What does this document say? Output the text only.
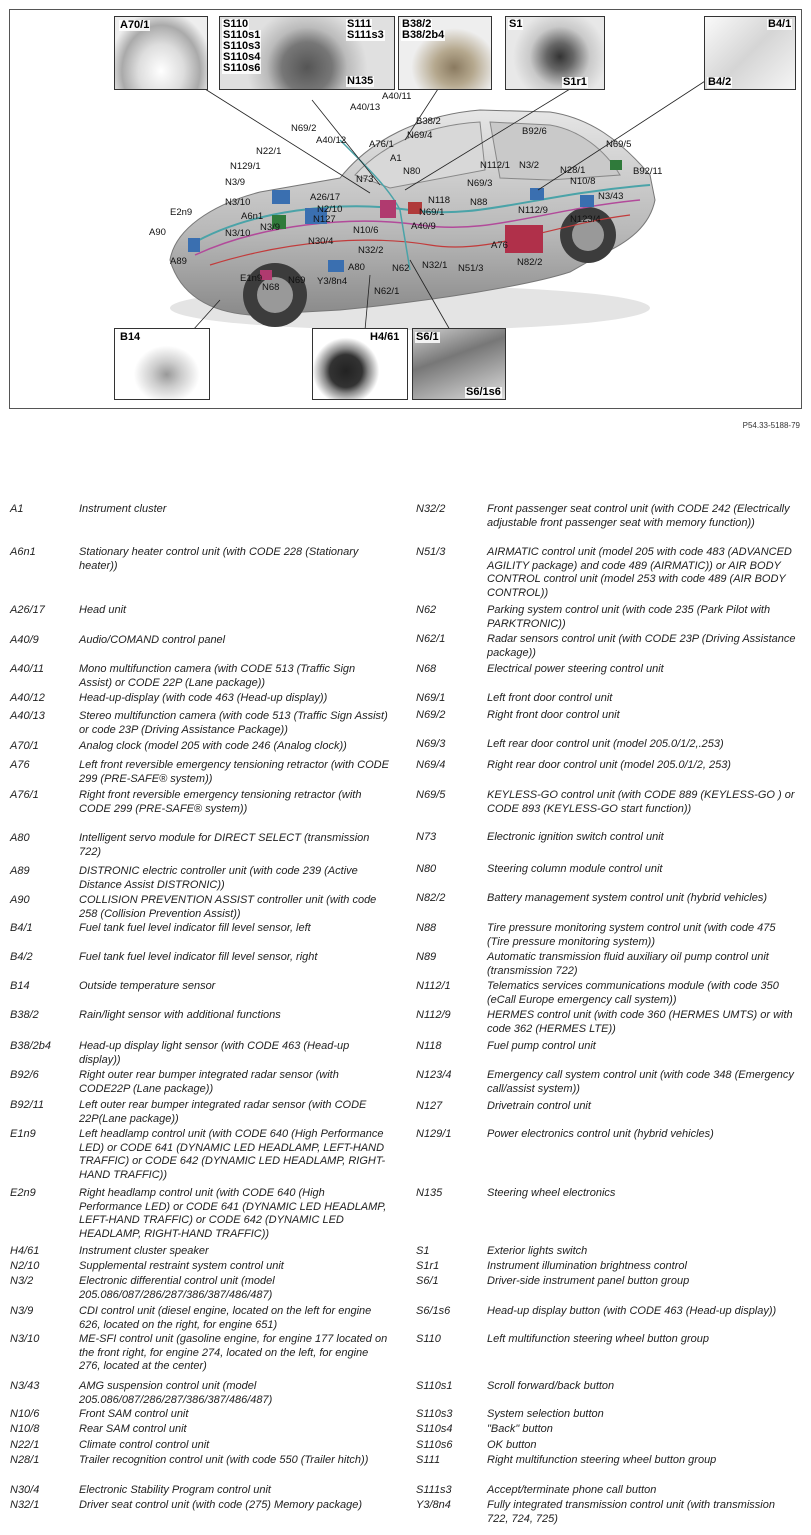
A40/11
A40/13
B38/2
N69/2
A40/12 A76/1
N69/4	B92/6
N69/5
N22/1
A1
N80
N112/1 N3/2 N28/1	B92/11
N129/1
N73	N10/8
N69/3
N3/9
N118 N88
N3/43
N69/1
N3/10	A26/17
N2/10	N112/9
N123/4
E2n9	A6n1	N127
A40/9
A90	N3/10
N3/9	N10/6
N30/4	A76
N32/2
A89
N62
A80	N32/1 N51/3
N82/2
E1n9
N68
N69 Y3/8n4
N62/1
A70/1	S110
S110s1
S110s3
S110s4
S110s6
S111
S111s3
N135
B38/2
B38/2b4
S1
S1r1
B4/1
B4/2
B14	H4/61 S6/1
S6/1s6
P54.33-5188-79
A1	Instrument cluster
A6n1	Stationary heater control unit (with CODE 228 (Stationary heater))
A26/17	Head unit
A40/9	Audio/COMAND control panel
A40/11	Mono multifunction camera (with CODE 513 (Traffic Sign Assist) or CODE 22P (Lane package))
A40/12	Head-up-display (with code 463 (Head-up display))
A40/13	Stereo multifunction camera (with code 513 (Traffic Sign Assist) or code 23P (Driving Assistance Package))
A70/1	Analog clock (model 205 with code 246 (Analog clock))
A76	Left front reversible emergency tensioning retractor (with CODE 299 (PRE-SAFE® system))
A76/1	Right front reversible emergency tensioning retractor (with CODE 299 (PRE-SAFE® system))
A80	Intelligent servo module for DIRECT SELECT (transmission 722)
A89	DISTRONIC electric controller unit (with code 239 (Active Distance Assist DISTRONIC))
A90	COLLISION PREVENTION ASSIST controller unit (with code 258 (Collision Prevention Assist))
B4/1	Fuel tank fuel level indicator fill level sensor, left
B4/2	Fuel tank fuel level indicator fill level sensor, right
B14	Outside temperature sensor
B38/2	Rain/light sensor with additional functions
B38/2b4	Head-up display light sensor (with CODE 463 (Head-up display))
B92/6	Right outer rear bumper integrated radar sensor (with CODE22P (Lane package))
B92/11	Left outer rear bumper integrated radar sensor (with CODE 22P(Lane package))
E1n9	Left headlamp control unit (with CODE 640 (High Performance LED) or CODE 641 (DYNAMIC LED HEADLAMP, LEFT-HAND TRAFFIC) or CODE 642 (DYNAMIC LED HEADLAMP, RIGHT-HAND TRAFFIC))
E2n9	Right headlamp control unit (with CODE 640 (High Performance LED) or CODE 641 (DYNAMIC LED HEADLAMP, LEFT-HAND TRAFFIC) or CODE 642 (DYNAMIC LED HEADLAMP, RIGHT-HAND TRAFFIC))
H4/61	Instrument cluster speaker
N2/10	Supplemental restraint system control unit
N3/2	Electronic differential control unit (model 205.086/087/286/287/386/387/486/487)
N3/9	CDI control unit (diesel engine, located on the left for engine 626, located on the right, for engine 651)
N3/10	ME-SFI control unit (gasoline engine, for engine 177 located on the front right, for engine 274, located on the left, for engine 276, located at the center)
N3/43	AMG suspension control unit (model 205.086/087/286/287/386/387/486/487)
N10/6	Front SAM control unit
N10/8	Rear SAM control unit
N22/1	Climate control control unit
N28/1	Trailer recognition control unit (with code 550 (Trailer hitch))
N30/4	Electronic Stability Program control unit
N32/1	Driver seat control unit (with code (275) Memory package)
N32/2	Front passenger seat control unit (with CODE 242 (Electrically adjustable front passenger seat with memory function))
N51/3	AIRMATIC control unit (model 205 with code 483 (ADVANCED AGILITY package) and code 489 (AIRMATIC)) or AIR BODY CONTROL control unit (model 253 with code 489 (AIR BODY CONTROL))
N62	Parking system control unit (with code 235 (Park Pilot with PARKTRONIC))
N62/1	Radar sensors control unit (with CODE 23P (Driving Assistance package))
N68	Electrical power steering control unit
N69/1	Left front door control unit
N69/2	Right front door control unit
N69/3	Left rear door control unit (model 205.0/1/2,.253)
N69/4	Right rear door control unit (model 205.0/1/2, 253)
N69/5	KEYLESS-GO control unit (with CODE 889 (KEYLESS-GO ) or CODE 893 (KEYLESS-GO start function))
N73	Electronic ignition switch control unit
N80	Steering column module control unit
N82/2	Battery management system control unit (hybrid vehicles)
N88	Tire pressure monitoring system control unit (with code 475 (Tire pressure monitoring system))
N89	Automatic transmission fluid auxiliary oil pump control unit (transmission 722)
N112/1	Telematics services communications module (with code 350 (eCall Europe emergency call system))
N112/9	HERMES control unit (with code 360 (HERMES UMTS) or with code 362 (HERMES LTE))
N118	Fuel pump control unit
N123/4	Emergency call system control unit (with code 348 (Emergency call/assist system))
N127	Drivetrain control unit
N129/1	Power electronics control unit (hybrid vehicles)
N135	Steering wheel electronics
S1	Exterior lights switch
S1r1	Instrument illumination brightness control
S6/1	Driver-side instrument panel button group
S6/1s6	Head-up display button (with CODE 463 (Head-up display))
S110	Left multifunction steering wheel button group
S110s1	Scroll forward/back button
S110s3	System selection button
S110s4	"Back" button
S110s6	OK button
S111	Right multifunction steering wheel button group
S111s3	Accept/terminate phone call button
Y3/8n4	Fully integrated transmission control unit (with transmission 722, 724, 725)
